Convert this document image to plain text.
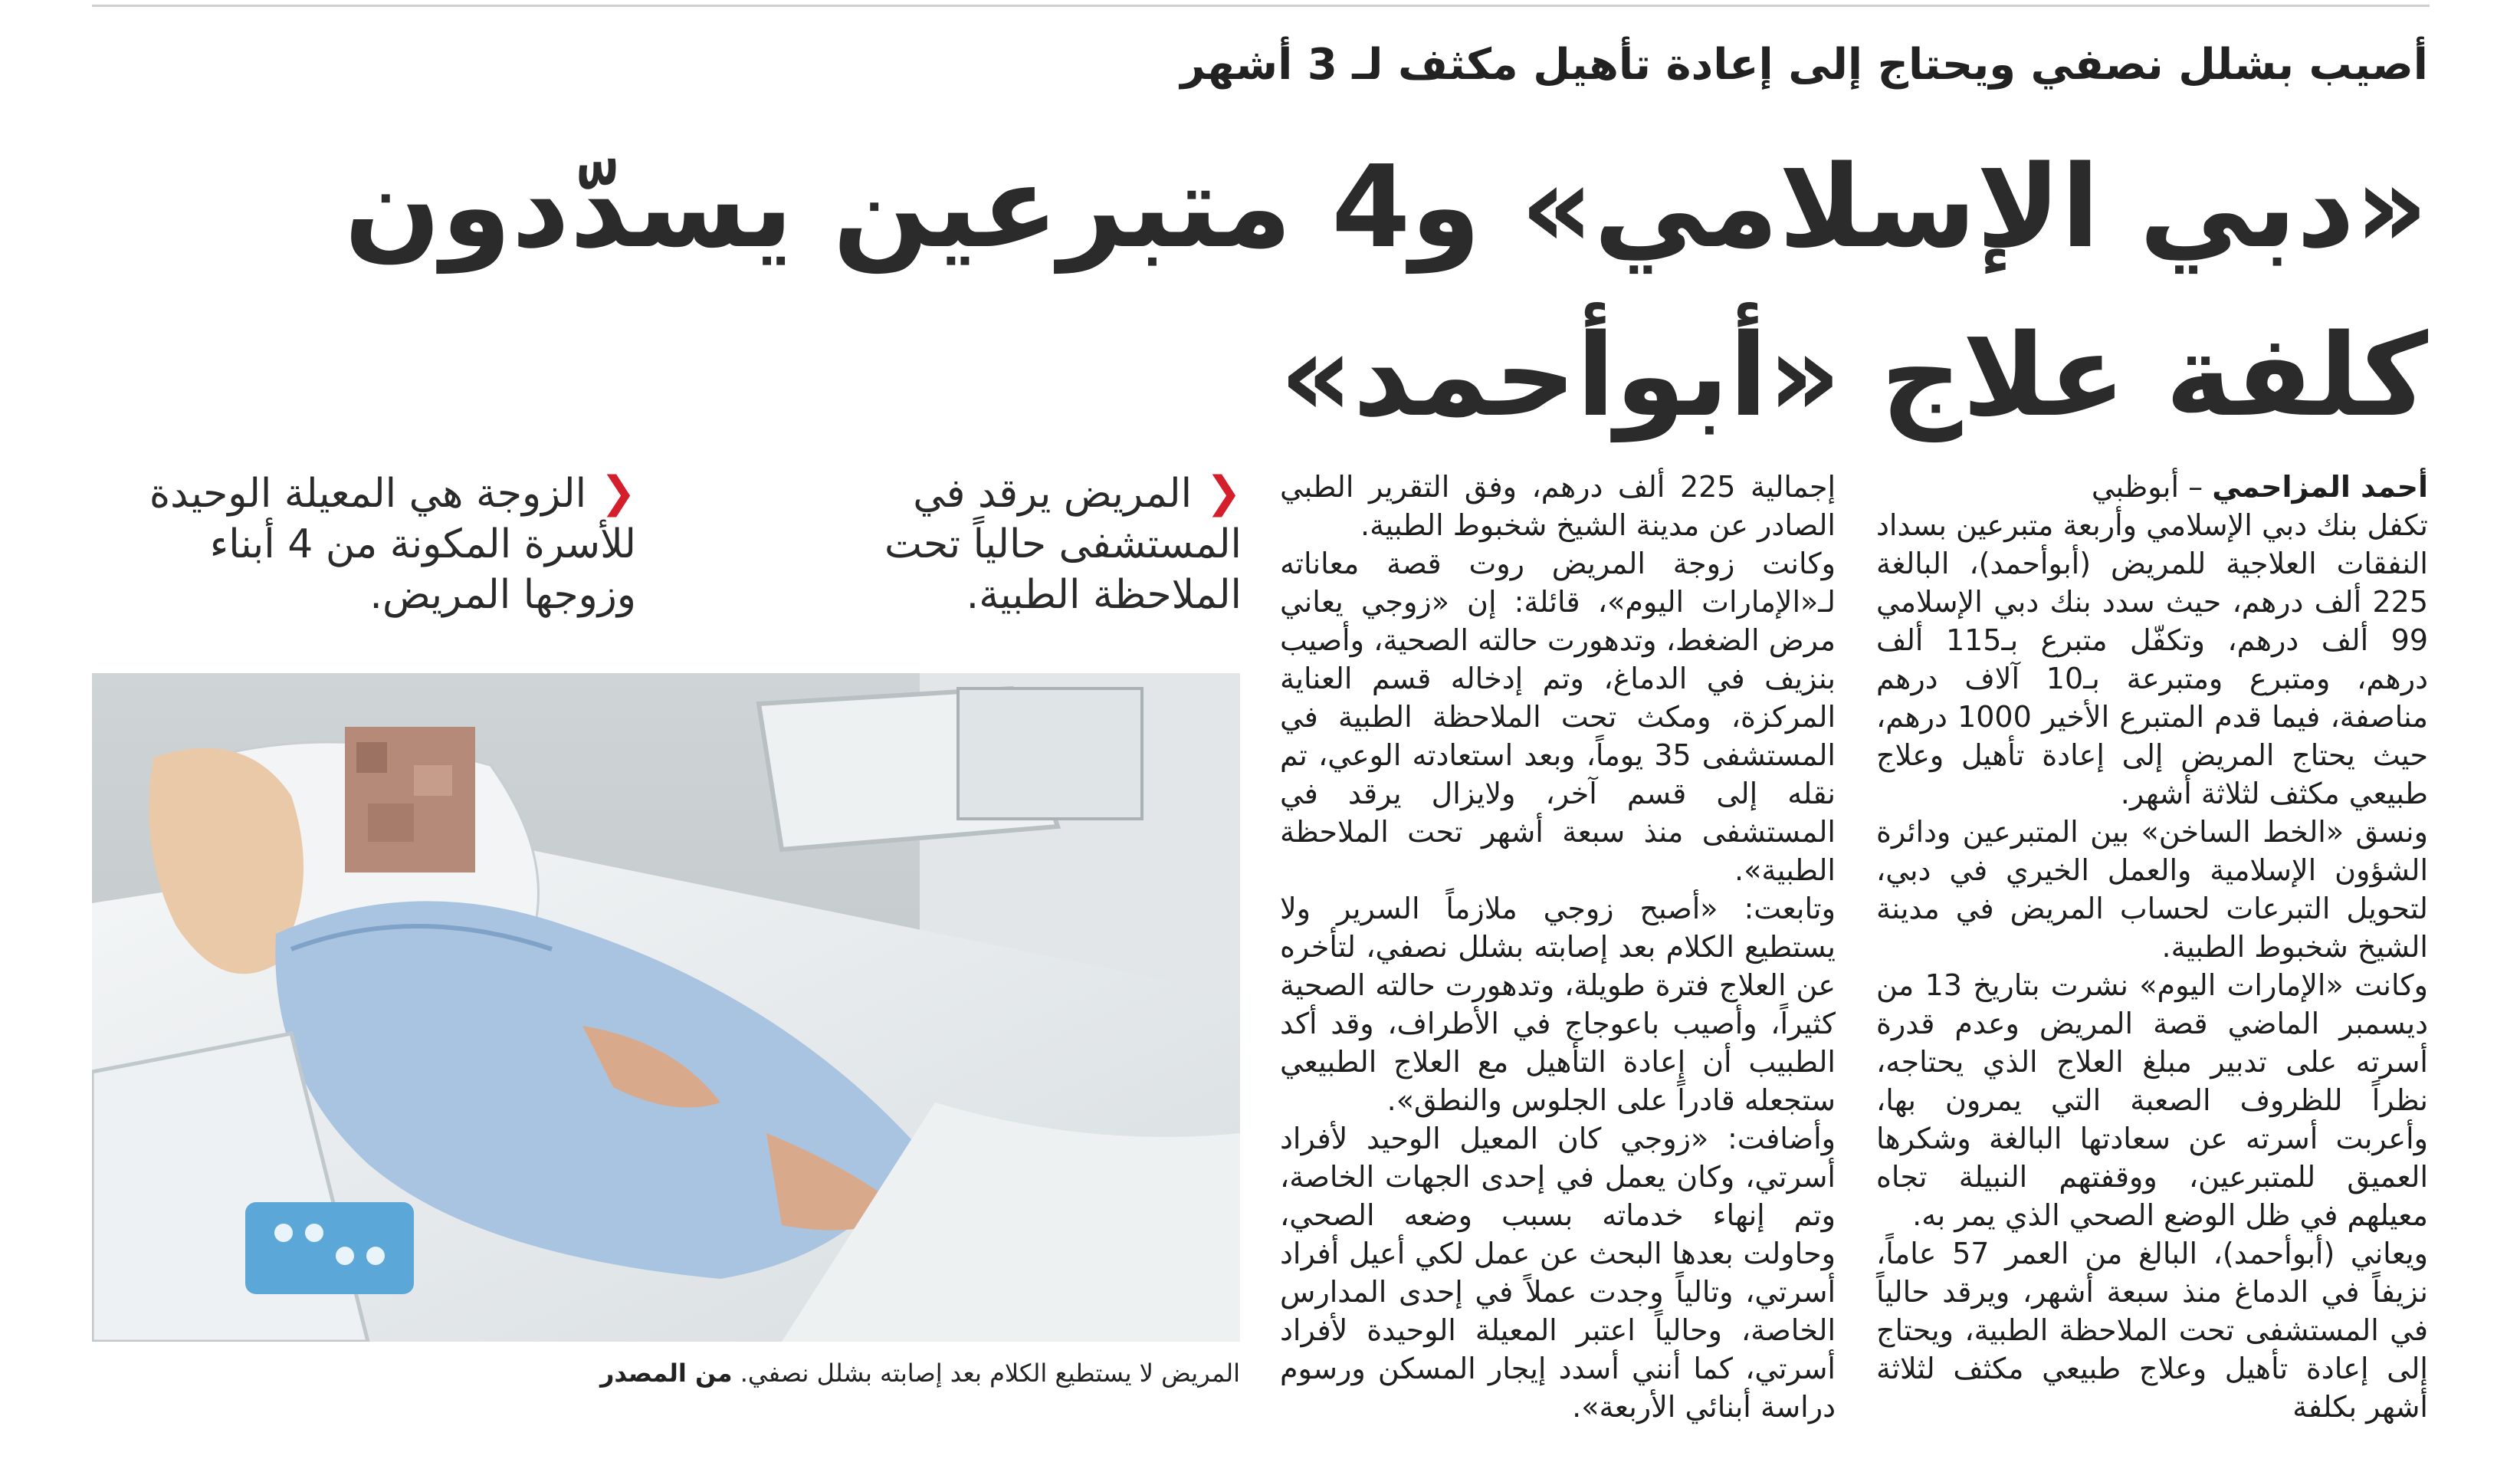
أصيب بشلل نصفي ويحتاج إلى إعادة تأهيل مكثف لـ 3 أشهر
«دبي الإسلامي» و4 متبرعين يسدّدون كلفة علاج «أبوأحمد»

أحمد المزاحمي – أبوظبي

تكفل بنك دبي الإسلامي وأربعة متبرعين بسداد النفقات العلاجية للمريض (أبوأحمد)، البالغة 225 ألف درهم، حيث سدد بنك دبي الإسلامي 99 ألف درهم، وتكفّل متبرع بـ115 ألف درهم، ومتبرع ومتبرعة بـ10 آلاف درهم مناصفة، فيما قدم المتبرع الأخير 1000 درهم، حيث يحتاج المريض إلى إعادة تأهيل وعلاج طبيعي مكثف لثلاثة أشهر.

ونسق «الخط الساخن» بين المتبرعين ودائرة الشؤون الإسلامية والعمل الخيري في دبي، لتحويل التبرعات لحساب المريض في مدينة الشيخ شخبوط الطبية.

وكانت «الإمارات اليوم» نشرت بتاريخ 13 من ديسمبر الماضي قصة المريض وعدم قدرة أسرته على تدبير مبلغ العلاج الذي يحتاجه، نظراً للظروف الصعبة التي يمرون بها، وأعربت أسرته عن سعادتها البالغة وشكرها العميق للمتبرعين، ووقفتهم النبيلة تجاه معيلهم في ظل الوضع الصحي الذي يمر به.

ويعاني (أبوأحمد)، البالغ من العمر 57 عاماً، نزيفاً في الدماغ منذ سبعة أشهر، ويرقد حالياً في المستشفى تحت الملاحظة الطبية، ويحتاج إلى إعادة تأهيل وعلاج طبيعي مكثف لثلاثة أشهر بكلفة

إجمالية 225 ألف درهم، وفق التقرير الطبي الصادر عن مدينة الشيخ شخبوط الطبية.

وكانت زوجة المريض روت قصة معاناته لـ«الإمارات اليوم»، قائلة: إن «زوجي يعاني مرض الضغط، وتدهورت حالته الصحية، وأصيب بنزيف في الدماغ، وتم إدخاله قسم العناية المركزة، ومكث تحت الملاحظة الطبية في المستشفى 35 يوماً، وبعد استعادته الوعي، تم نقله إلى قسم آخر، ولايزال يرقد في المستشفى منذ سبعة أشهر تحت الملاحظة الطبية».

وتابعت: «أصبح زوجي ملازماً السرير ولا يستطيع الكلام بعد إصابته بشلل نصفي، لتأخره عن العلاج فترة طويلة، وتدهورت حالته الصحية كثيراً، وأصيب باعوجاج في الأطراف، وقد أكد الطبيب أن إعادة التأهيل مع العلاج الطبيعي ستجعله قادراً على الجلوس والنطق».

وأضافت: «زوجي كان المعيل الوحيد لأفراد أسرتي، وكان يعمل في إحدى الجهات الخاصة، وتم إنهاء خدماته بسبب وضعه الصحي، وحاولت بعدها البحث عن عمل لكي أعيل أفراد أسرتي، وتالياً وجدت عملاً في إحدى المدارس الخاصة، وحالياً اعتبر المعيلة الوحيدة لأفراد أسرتي، كما أنني أسدد إيجار المسكن ورسوم دراسة أبنائي الأربعة».

❮المريض يرقد في المستشفى حالياً تحت الملاحظة الطبية.
❮الزوجة هي المعيلة الوحيدة للأسرة المكونة من 4 أبناء وزوجها المريض.
المريض لا يستطيع الكلام بعد إصابته بشلل نصفي. من المصدر
